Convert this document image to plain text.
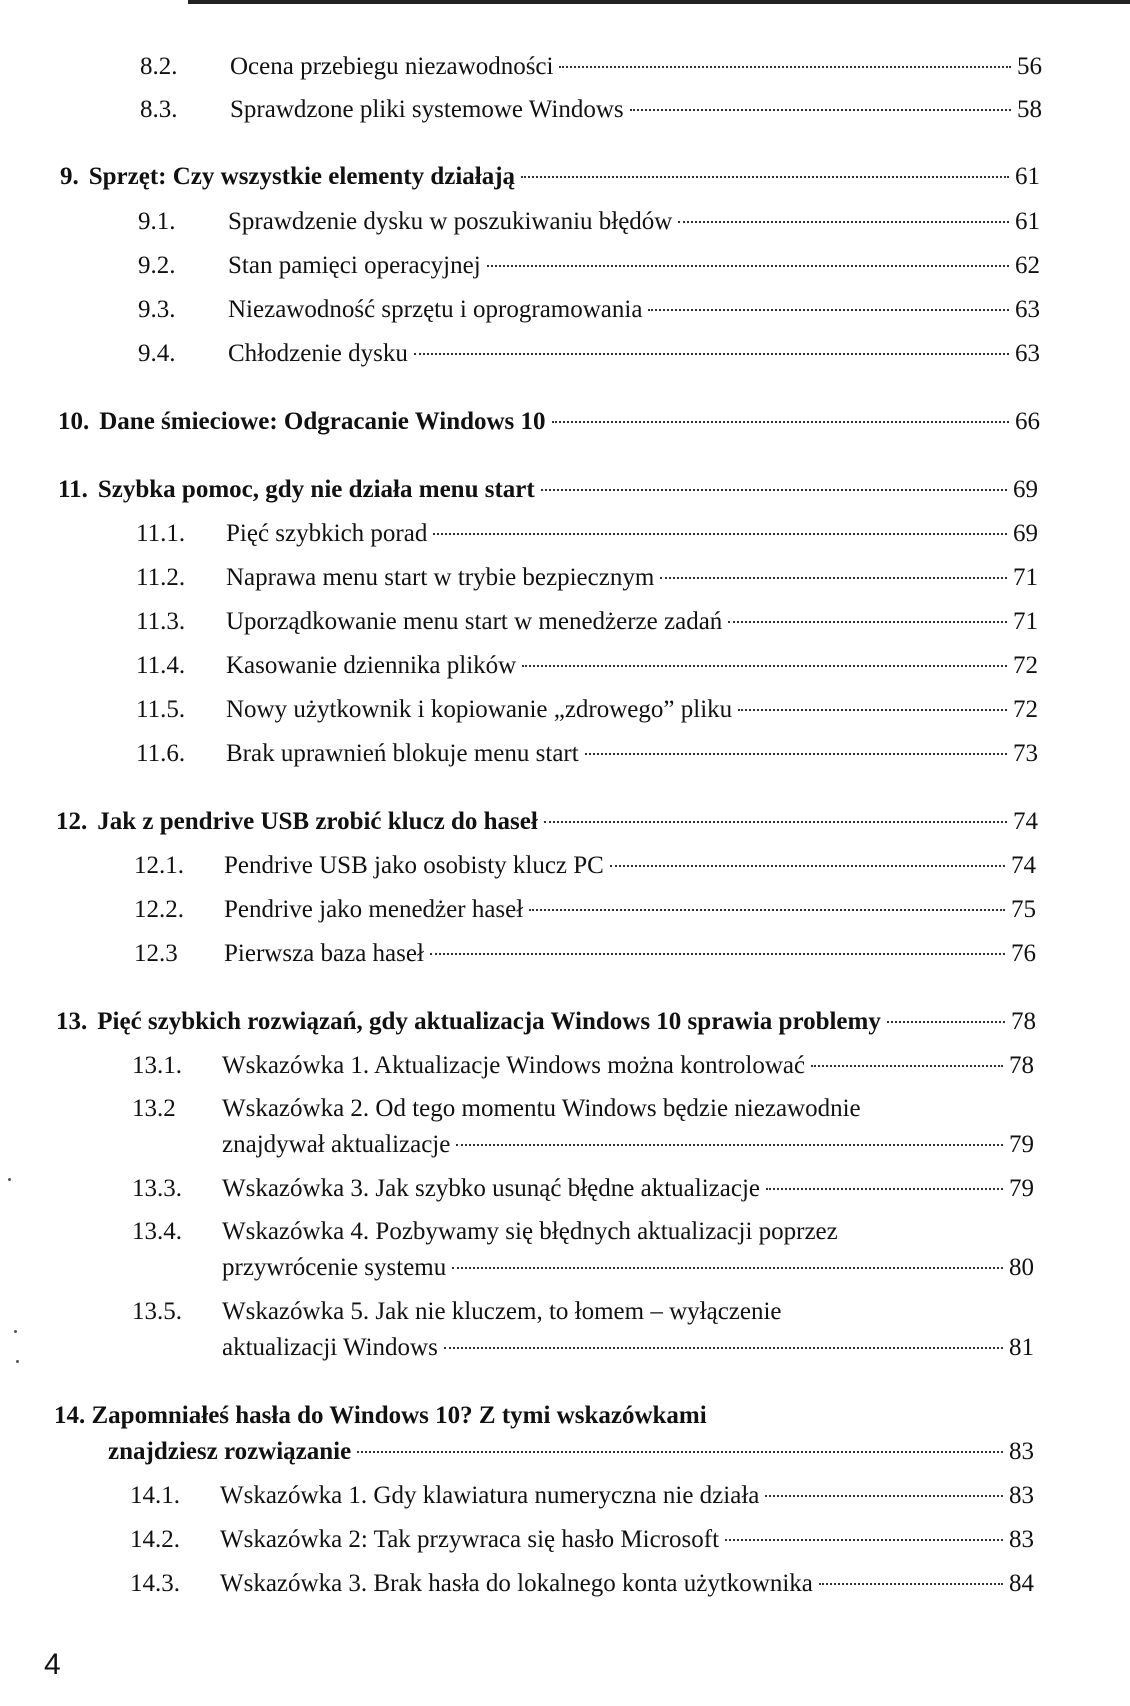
8.2.	Ocena przebiegu niezawodności	56
8.3.	Sprawdzone pliki systemowe Windows	58
9. Sprzęt: Czy wszystkie elementy działają	61
9.1.	Sprawdzenie dysku w poszukiwaniu błędów	61
9.2.	Stan pamięci operacyjnej	62
9.3.	Niezawodność sprzętu i oprogramowania	63
9.4.	Chłodzenie dysku	63
10. Dane śmieciowe: Odgracanie Windows 10	66
11. Szybka pomoc, gdy nie działa menu start	69
11.1.	Pięć szybkich porad	69
11.2.	Naprawa menu start w trybie bezpiecznym	71
11.3.	Uporządkowanie menu start w menedżerze zadań	71
11.4.	Kasowanie dziennika plików	72
11.5.	Nowy użytkownik i kopiowanie „zdrowego” pliku	72
11.6.	Brak uprawnień blokuje menu start	73
12. Jak z pendrive USB zrobić klucz do haseł	74
12.1.	Pendrive USB jako osobisty klucz PC	74
12.2.	Pendrive jako menedżer haseł	75
12.3	Pierwsza baza haseł	76
13. Pięć szybkich rozwiązań, gdy aktualizacja Windows 10 sprawia problemy	78
13.1.	Wskazówka 1. Aktualizacje Windows można kontrolować	78
13.2 Wskazówka 2. Od tego momentu Windows będzie niezawodnie
znajdywał aktualizacje	79
13.3.	Wskazówka 3. Jak szybko usunąć błędne aktualizacje	79
13.4. Wskazówka 4. Pozbywamy się błędnych aktualizacji poprzez
przywrócenie systemu	80
13.5. Wskazówka 5. Jak nie kluczem, to łomem – wyłączenie
aktualizacji Windows	81
14. Zapomniałeś hasła do Windows 10? Z tymi wskazówkami
znajdziesz rozwiązanie	83
14.1.	Wskazówka 1. Gdy klawiatura numeryczna nie działa	83
14.2.	Wskazówka 2: Tak przywraca się hasło Microsoft	83
14.3.	Wskazówka 3. Brak hasła do lokalnego konta użytkownika	84
4
